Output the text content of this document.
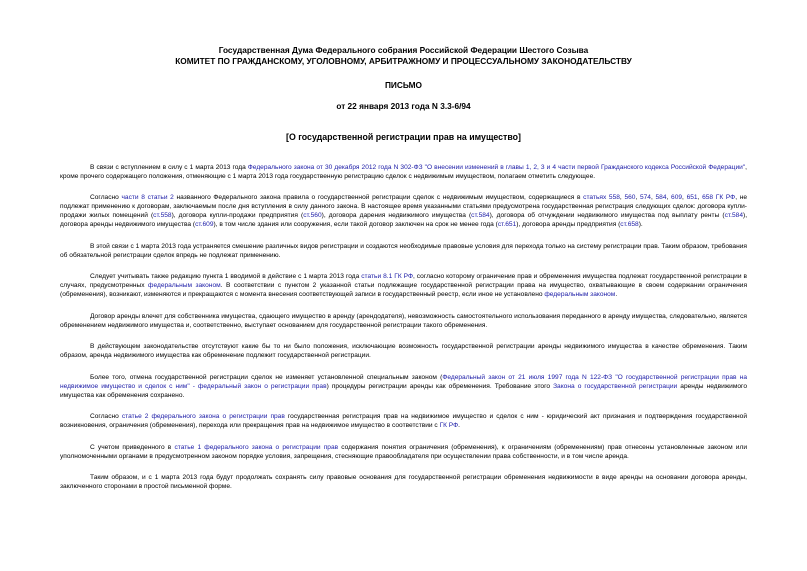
Государственная Дума Федерального собрания Российской Федерации Шестого Созыва
КОМИТЕТ ПО ГРАЖДАНСКОМУ, УГОЛОВНОМУ, АРБИТРАЖНОМУ И ПРОЦЕССУАЛЬНОМУ ЗАКОНОДАТЕЛЬСТВУ
ПИСЬМО
от 22 января 2013 года N 3.3-6/94
[О государственной регистрации прав на имущество]

В связи с вступлением в силу с 1 марта 2013 года Федерального закона от 30 декабря 2012 года N 302-ФЗ "О внесении изменений в главы 1, 2, 3 и 4 части первой Гражданского кодекса Российской Федерации", кроме прочего содержащего положения, отменяющие с 1 марта 2013 года государственную регистрацию сделок с недвижимым имуществом, полагаем отметить следующее.

Согласно части 8 статьи 2 названного Федерального закона правила о государственной регистрации сделок с недвижимым имуществом, содержащиеся в статьях 558, 560, 574, 584, 609, 651, 658 ГК РФ, не подлежат применению к договорам, заключаемым после дня вступления в силу данного закона. В настоящее время указанными статьями предусмотрена государственная регистрация следующих сделок: договора купли-продажи жилых помещений (ст.558), договора купли-продажи предприятия (ст.560), договора дарения недвижимого имущества (ст.584), договора об отчуждении недвижимого имущества под выплату ренты (ст.584), договора аренды недвижимого имущества (ст.609), в том числе здания или сооружения, если такой договор заключен на срок не менее года (ст.651), договора аренды предприятия (ст.658).

В этой связи с 1 марта 2013 года устраняется смешение различных видов регистрации и создаются необходимые правовые условия для перехода только на систему регистрации прав. Таким образом, требования об обязательной регистрации сделок впредь не подлежат применению.

Следует учитывать также редакцию пункта 1 вводимой в действие с 1 марта 2013 года статьи 8.1 ГК РФ, согласно которому ограничение прав и обременения имущества подлежат государственной регистрации в случаях, предусмотренных федеральным законом. В соответствии с пунктом 2 указанной статьи подлежащие государственной регистрации права на имущество, охватывающие в своем содержании ограничения (обременения), возникают, изменяются и прекращаются с момента внесения соответствующей записи в государственный реестр, если иное не установлено федеральным законом.

Договор аренды влечет для собственника имущества, сдающего имущество в аренду (арендодателя), невозможность самостоятельного использования переданного в аренду имущества, следовательно, является обременением недвижимого имущества и, соответственно, выступает основанием для государственной регистрации такого обременения.

В действующем законодательстве отсутствуют какие бы то ни было положения, исключающие возможность государственной регистрации аренды недвижимого имущества в качестве обременения. Таким образом, аренда недвижимого имущества как обременение подлежит государственной регистрации.

Более того, отмена государственной регистрации сделок не изменяет установленной специальным законом (Федеральный закон от 21 июля 1997 года N 122-ФЗ "О государственной регистрации прав на недвижимое имущество и сделок с ним" - федеральный закон о регистрации прав) процедуры регистрации аренды как обременения. Требование этого Закона о государственной регистрации аренды недвижимого имущества как обременения сохранено.

Согласно статье 2 федерального закона о регистрации прав государственная регистрация прав на недвижимое имущество и сделок с ним - юридический акт признания и подтверждения государственной возникновения, ограничения (обременения), перехода или прекращения прав на недвижимое имущество в соответствии с ГК РФ.

С учетом приведенного в статье 1 федерального закона о регистрации прав содержания понятия ограничения (обременения), к ограничениям (обременениям) прав отнесены установленные законом или уполномоченными органами в предусмотренном законом порядке условия, запрещения, стесняющие правообладателя при осуществлении права собственности, и в том числе аренда.

Таким образом, и с 1 марта 2013 года будут продолжать сохранять силу правовые основания для государственной регистрации обременения недвижимости в виде аренды на основании договора аренды, заключенного сторонами в простой письменной форме.
